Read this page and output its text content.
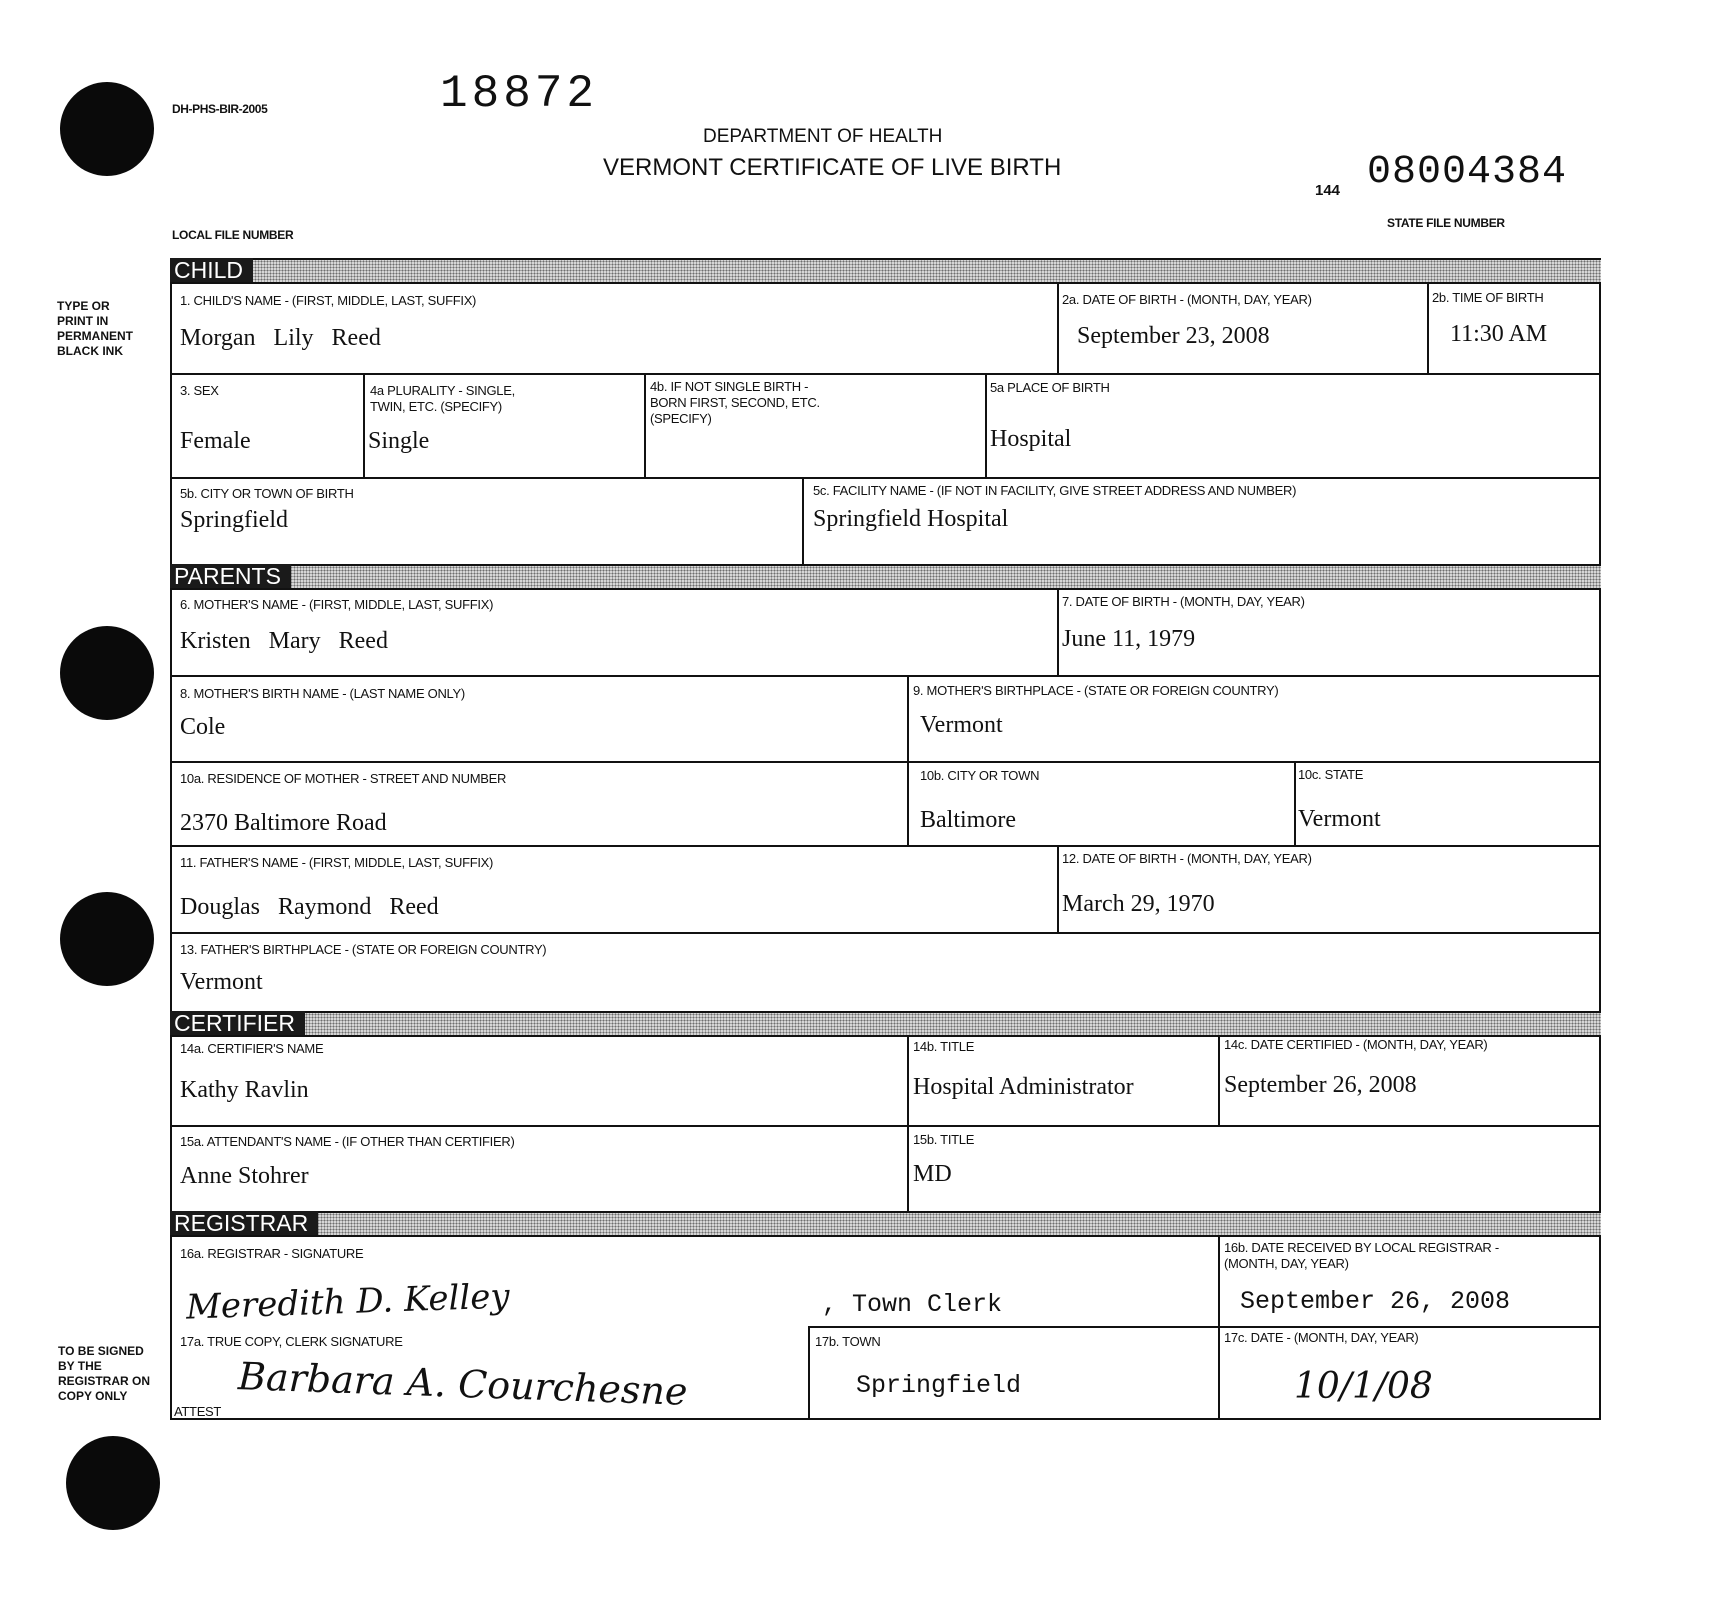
DH-PHS-BIR-2005	18872
DEPARTMENT OF HEALTH
VERMONT CERTIFICATE OF LIVE BIRTH
144 08004384
LOCAL FILE NUMBER
STATE FILE NUMBER
TYPE OR PRINT IN PERMANENT BLACK INK
TO BE SIGNED BY THE REGISTRAR ON COPY ONLY
CHILD
1. CHILD'S NAME - (FIRST, MIDDLE, LAST, SUFFIX)
Morgan   Lily   Reed
2a. DATE OF BIRTH - (MONTH, DAY, YEAR)
September 23, 2008
2b. TIME OF BIRTH
11:30 AM
3. SEX
Female
4a PLURALITY - SINGLE, TWIN, ETC. (SPECIFY)
Single
4b. IF NOT SINGLE BIRTH - BORN FIRST, SECOND, ETC. (SPECIFY)
5a PLACE OF BIRTH
Hospital
5b. CITY OR TOWN OF BIRTH
Springfield
5c. FACILITY NAME - (IF NOT IN FACILITY, GIVE STREET ADDRESS AND NUMBER)
Springfield Hospital
PARENTS
6. MOTHER'S NAME - (FIRST, MIDDLE, LAST, SUFFIX)
Kristen   Mary   Reed
7. DATE OF BIRTH - (MONTH, DAY, YEAR)
June 11, 1979
8. MOTHER'S BIRTH NAME - (LAST NAME ONLY)
Cole
9. MOTHER'S BIRTHPLACE - (STATE OR FOREIGN COUNTRY)
Vermont
10a. RESIDENCE OF MOTHER - STREET AND NUMBER
2370 Baltimore Road
10b. CITY OR TOWN
Baltimore
10c. STATE
Vermont
11. FATHER'S NAME - (FIRST, MIDDLE, LAST, SUFFIX)
Douglas   Raymond   Reed
12. DATE OF BIRTH - (MONTH, DAY, YEAR)
March 29, 1970
13. FATHER'S BIRTHPLACE - (STATE OR FOREIGN COUNTRY)
Vermont
CERTIFIER
14a. CERTIFIER'S NAME
Kathy Ravlin
14b. TITLE
Hospital Administrator
14c. DATE CERTIFIED - (MONTH, DAY, YEAR)
September 26, 2008
15a. ATTENDANT'S NAME - (IF OTHER THAN CERTIFIER)
Anne Stohrer
15b. TITLE
MD
REGISTRAR
16a. REGISTRAR - SIGNATURE
Meredith D. Kelley	, Town Clerk
16b. DATE RECEIVED BY LOCAL REGISTRAR - (MONTH, DAY, YEAR)
September 26, 2008
17a. TRUE COPY, CLERK SIGNATURE
ATTEST Barbara A. Courchesne
17b. TOWN
Springfield
17c. DATE - (MONTH, DAY, YEAR)
10/1/08
